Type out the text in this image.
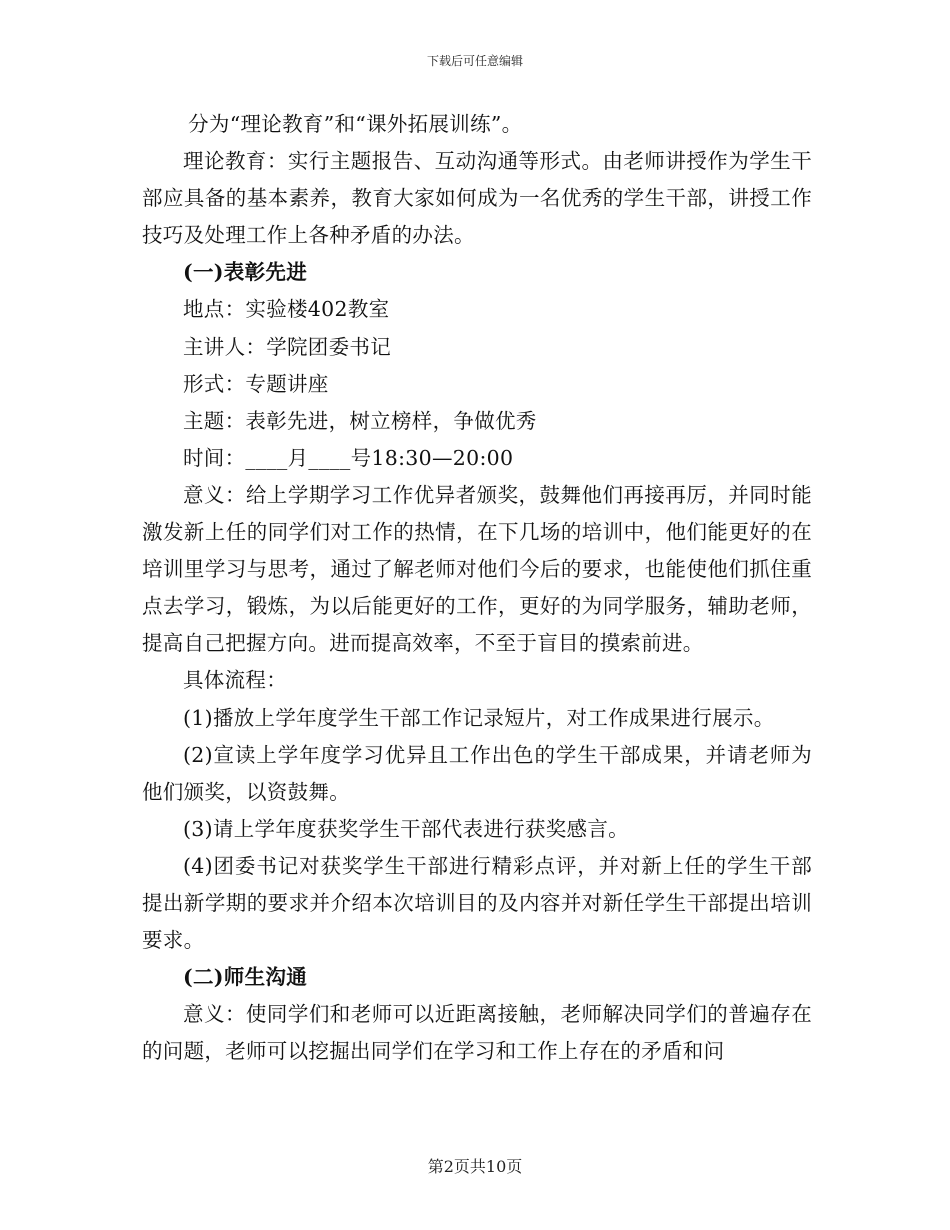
下载后可任意编辑

分为“理论教育”和“课外拓展训练”。

理论教育：实行主题报告、互动沟通等形式。由老师讲授作为学生干部应具备的基本素养，教育大家如何成为一名优秀的学生干部，讲授工作技巧及处理工作上各种矛盾的办法。

(一)表彰先进

地点：实验楼402教室

主讲人：学院团委书记

形式：专题讲座

主题：表彰先进，树立榜样，争做优秀

时间：____月____号18:30—20:00

意义：给上学期学习工作优异者颁奖，鼓舞他们再接再厉，并同时能激发新上任的同学们对工作的热情，在下几场的培训中，他们能更好的在培训里学习与思考，通过了解老师对他们今后的要求，也能使他们抓住重点去学习，锻炼，为以后能更好的工作，更好的为同学服务，辅助老师，提高自己把握方向。进而提高效率，不至于盲目的摸索前进。

具体流程：

(1)播放上学年度学生干部工作记录短片，对工作成果进行展示。

(2)宣读上学年度学习优异且工作出色的学生干部成果，并请老师为他们颁奖，以资鼓舞。

(3)请上学年度获奖学生干部代表进行获奖感言。

(4)团委书记对获奖学生干部进行精彩点评，并对新上任的学生干部提出新学期的要求并介绍本次培训目的及内容并对新任学生干部提出培训要求。

(二)师生沟通

意义：使同学们和老师可以近距离接触，老师解决同学们的普遍存在的问题，老师可以挖掘出同学们在学习和工作上存在的矛盾和问

第2页共10页
